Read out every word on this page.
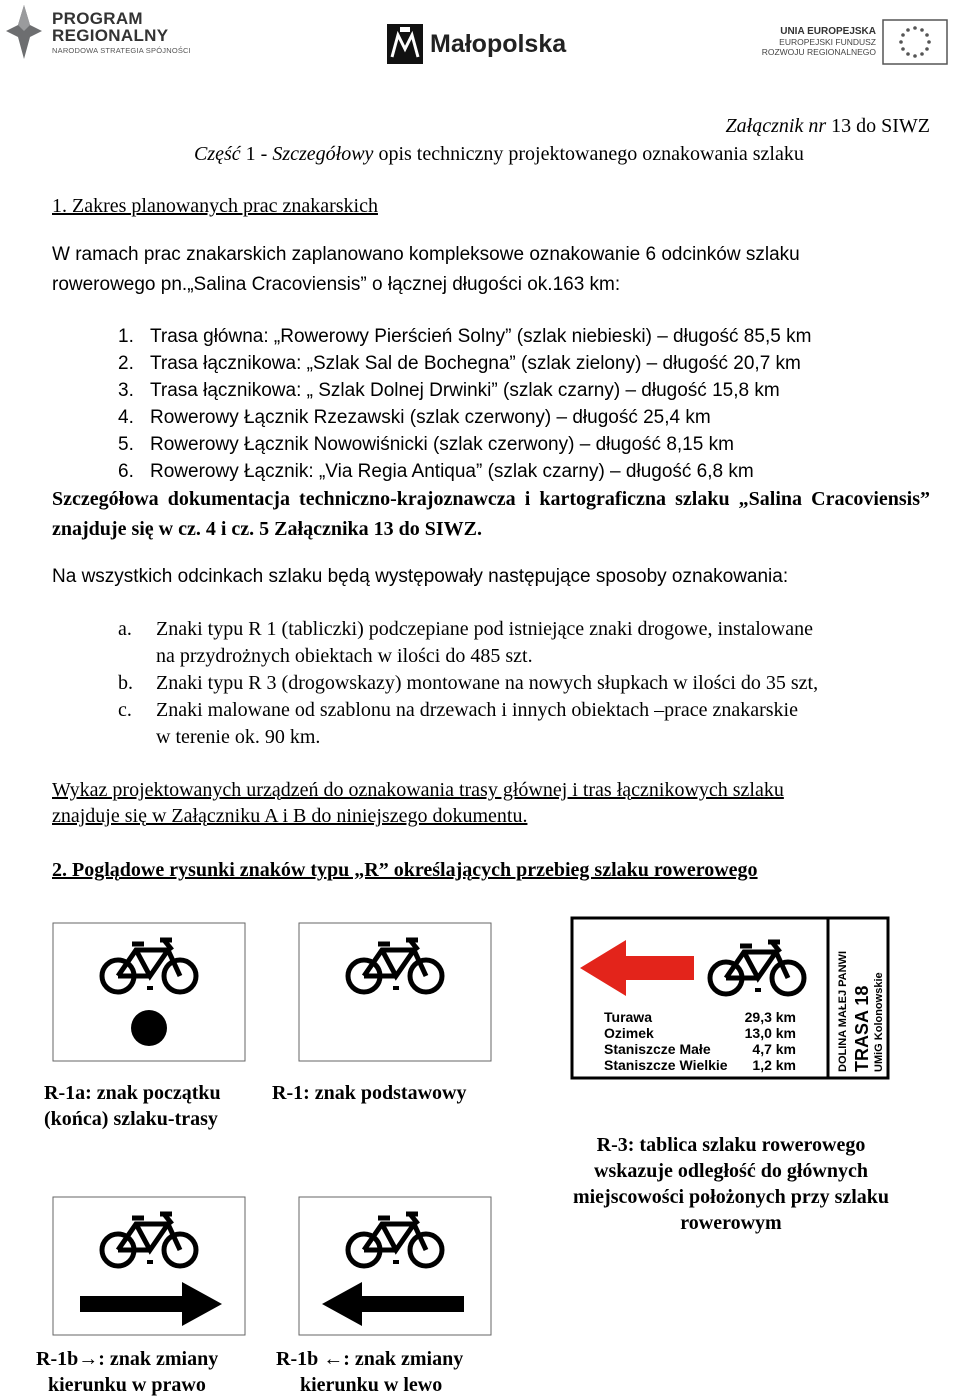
PROGRAM
REGIONALNY
NARODOWA STRATEGIA SPÓJNOŚCI	Małopolska	UNIA EUROPEJSKA
EUROPEJSKI FUNDUSZ
ROZWOJU REGIONALNEGO
Załącznik nr 13 do SIWZ
Część 1 - Szczegółowy opis techniczny projektowanego oznakowania szlaku
1. Zakres planowanych prac znakarskich
W ramach prac znakarskich zaplanowano kompleksowe oznakowanie 6 odcinków szlaku
rowerowego pn.„Salina Cracoviensis” o łącznej długości ok.163 km:
1. Trasa główna: „Rowerowy Pierścień Solny” (szlak niebieski) – długość 85,5 km
2. Trasa łącznikowa: „Szlak Sal de Bochegna” (szlak zielony) – długość 20,7 km
3. Trasa łącznikowa: „ Szlak Dolnej Drwinki” (szlak czarny) – długość 15,8 km
4. Rowerowy Łącznik Rzezawski (szlak czerwony) – długość 25,4 km
5. Rowerowy Łącznik Nowowiśnicki (szlak czerwony) – długość 8,15 km
6. Rowerowy Łącznik: „Via Regia Antiqua” (szlak czarny) – długość 6,8 km
Szczegółowa dokumentacja techniczno-krajoznawcza i kartograficzna szlaku „Salina Cracoviensis” znajduje się w cz. 4 i cz. 5 Załącznika 13 do SIWZ.
Na wszystkich odcinkach szlaku będą występowały następujące sposoby oznakowania:
a. Znaki typu R 1 (tabliczki) podczepiane pod istniejące znaki drogowe, instalowane
na przydrożnych obiektach w ilości do 485 szt.
b. Znaki typu R 3 (drogowskazy) montowane na nowych słupkach w ilości do 35 szt,
c. Znaki malowane od szablonu na drzewach i innych obiektach –prace znakarskie
w terenie ok. 90 km.
Wykaz projektowanych urządzeń do oznakowania trasy głównej i tras łącznikowych szlaku
znajduje się w Załączniku A i B do niniejszego dokumentu.
2. Poglądowe rysunki znaków typu „R” określających przebieg szlaku rowerowego
R-1a: znak początku
(końca) szlaku-trasy
R-1: znak podstawowy
Turawa	29,3 km
Ozimek	13,0 km
Staniszcze Małe	4,7 km
Staniszcze Wielkie 1,2 km	DOLINA MAŁEJ PANWI TRASA 18 UMiG Kolonowskie
R-3: tablica szlaku rowerowego
wskazuje odległość do głównych
miejscowości położonych przy szlaku
rowerowym
R-1b→: znak zmiany
kierunku w prawo
R-1b ←: znak zmiany
kierunku w lewo
